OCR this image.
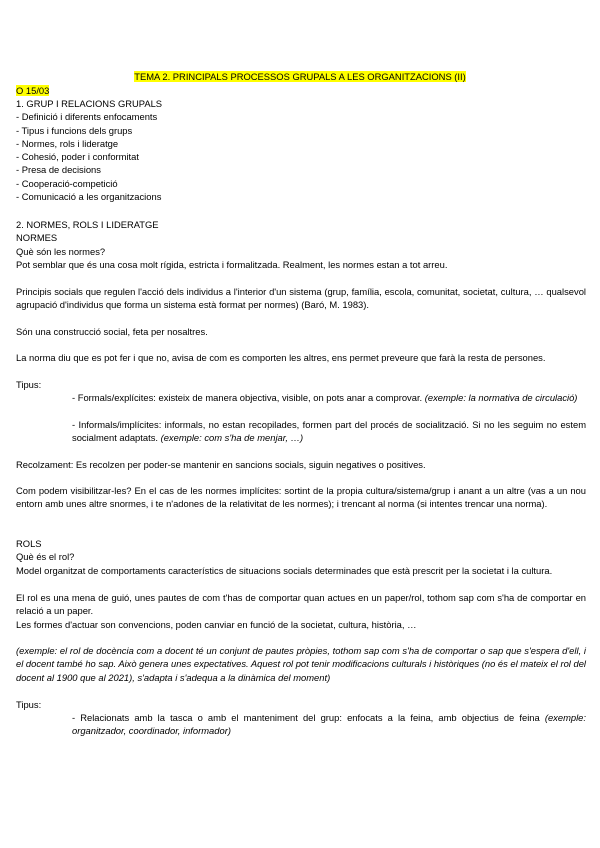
TEMA 2. PRINCIPALS PROCESSOS GRUPALS A LES ORGANITZACIONS (II)
O 15/03

1. GRUP I RELACIONS GRUPALS

- Definició i diferents enfocaments

- Tipus i funcions dels grups

- Normes, rols i lideratge

- Cohesió, poder i conformitat

- Presa de decisions

- Cooperació-competició

- Comunicació a les organitzacions

2. NORMES, ROLS I LIDERATGE

NORMES

Què són les normes?

Pot semblar que és una cosa molt rígida, estricta i formalitzada. Realment, les normes estan a tot arreu.

Principis socials que regulen l'acció dels individus a l'interior d'un sistema (grup, família, escola, comunitat, societat, cultura, … qualsevol agrupació d'individus que forma un sistema està format per normes) (Baró, M. 1983).

Són una construcció social, feta per nosaltres.

La norma diu que es pot fer i que no, avisa de com es comporten les altres, ens permet preveure que farà la resta de persones.

Tipus:

- Formals/explícites: existeix de manera objectiva, visible, on pots anar a comprovar. (exemple: la normativa de circulació)

- Informals/implícites: informals, no estan recopilades, formen part del procés de socialització. Si no les seguim no estem socialment adaptats. (exemple: com s'ha de menjar, …)

Recolzament: Es recolzen per poder-se mantenir en sancions socials, siguin negatives o positives.

Com podem visibilitzar-les? En el cas de les normes implícites: sortint de la propia cultura/sistema/grup i anant a un altre (vas a un nou entorn amb unes altre snormes, i te n'adones de la relativitat de les normes); i trencant al norma (si intentes trencar una norma).

ROLS

Què és el rol?

Model organitzat de comportaments característics de situacions socials determinades que està prescrit per la societat i la cultura.

El rol es una mena de guió, unes pautes de com t'has de comportar quan actues en un paper/rol, tothom sap com s'ha de comportar en relació a un paper.

Les formes d'actuar son convencions, poden canviar en funció de la societat, cultura, història, …

(exemple: el rol de docència com a docent té un conjunt de pautes pròpies, tothom sap com s'ha de comportar o sap que s'espera d'ell, i el docent també ho sap. Això genera unes expectatives. Aquest rol pot tenir modificacions culturals i històriques (no és el mateix el rol del docent al 1900 que al 2021), s'adapta i s'adequa a la dinàmica del moment)

Tipus:

- Relacionats amb la tasca o amb el manteniment del grup: enfocats a la feina, amb objectius de feina (exemple: organitzador, coordinador, informador)
